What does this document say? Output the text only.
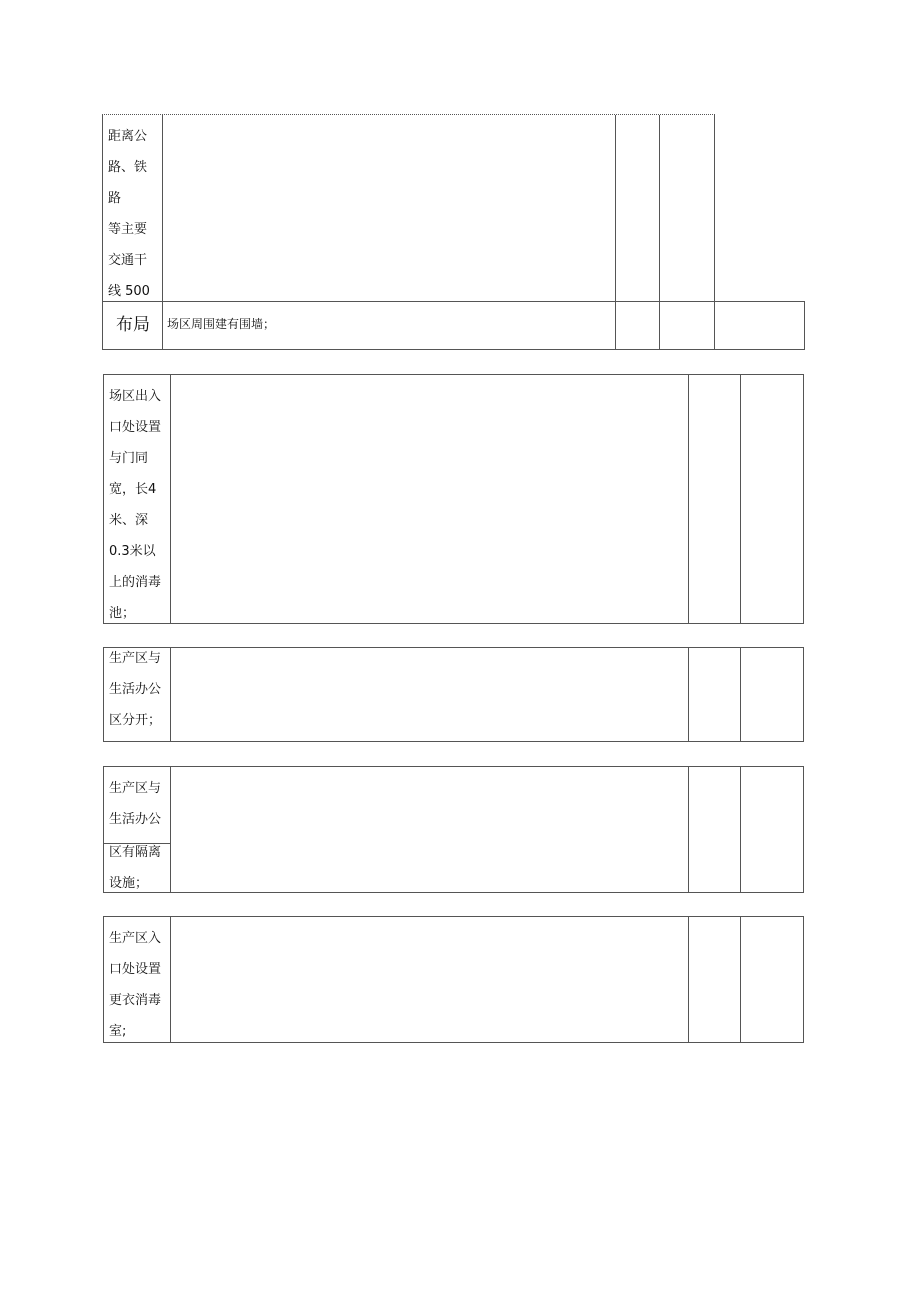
距离公
路、铁
路
等主要
交通干
线 500
布局 场区周围建有围墙；
场区出入
口处设置
与门同
宽，长4
米、深
0.3米以
上的消毒
池；
生产区与
生活办公
区分开；
生产区与
生活办公
区有隔离
设施；
生产区入
口处设置
更衣消毒
室;
